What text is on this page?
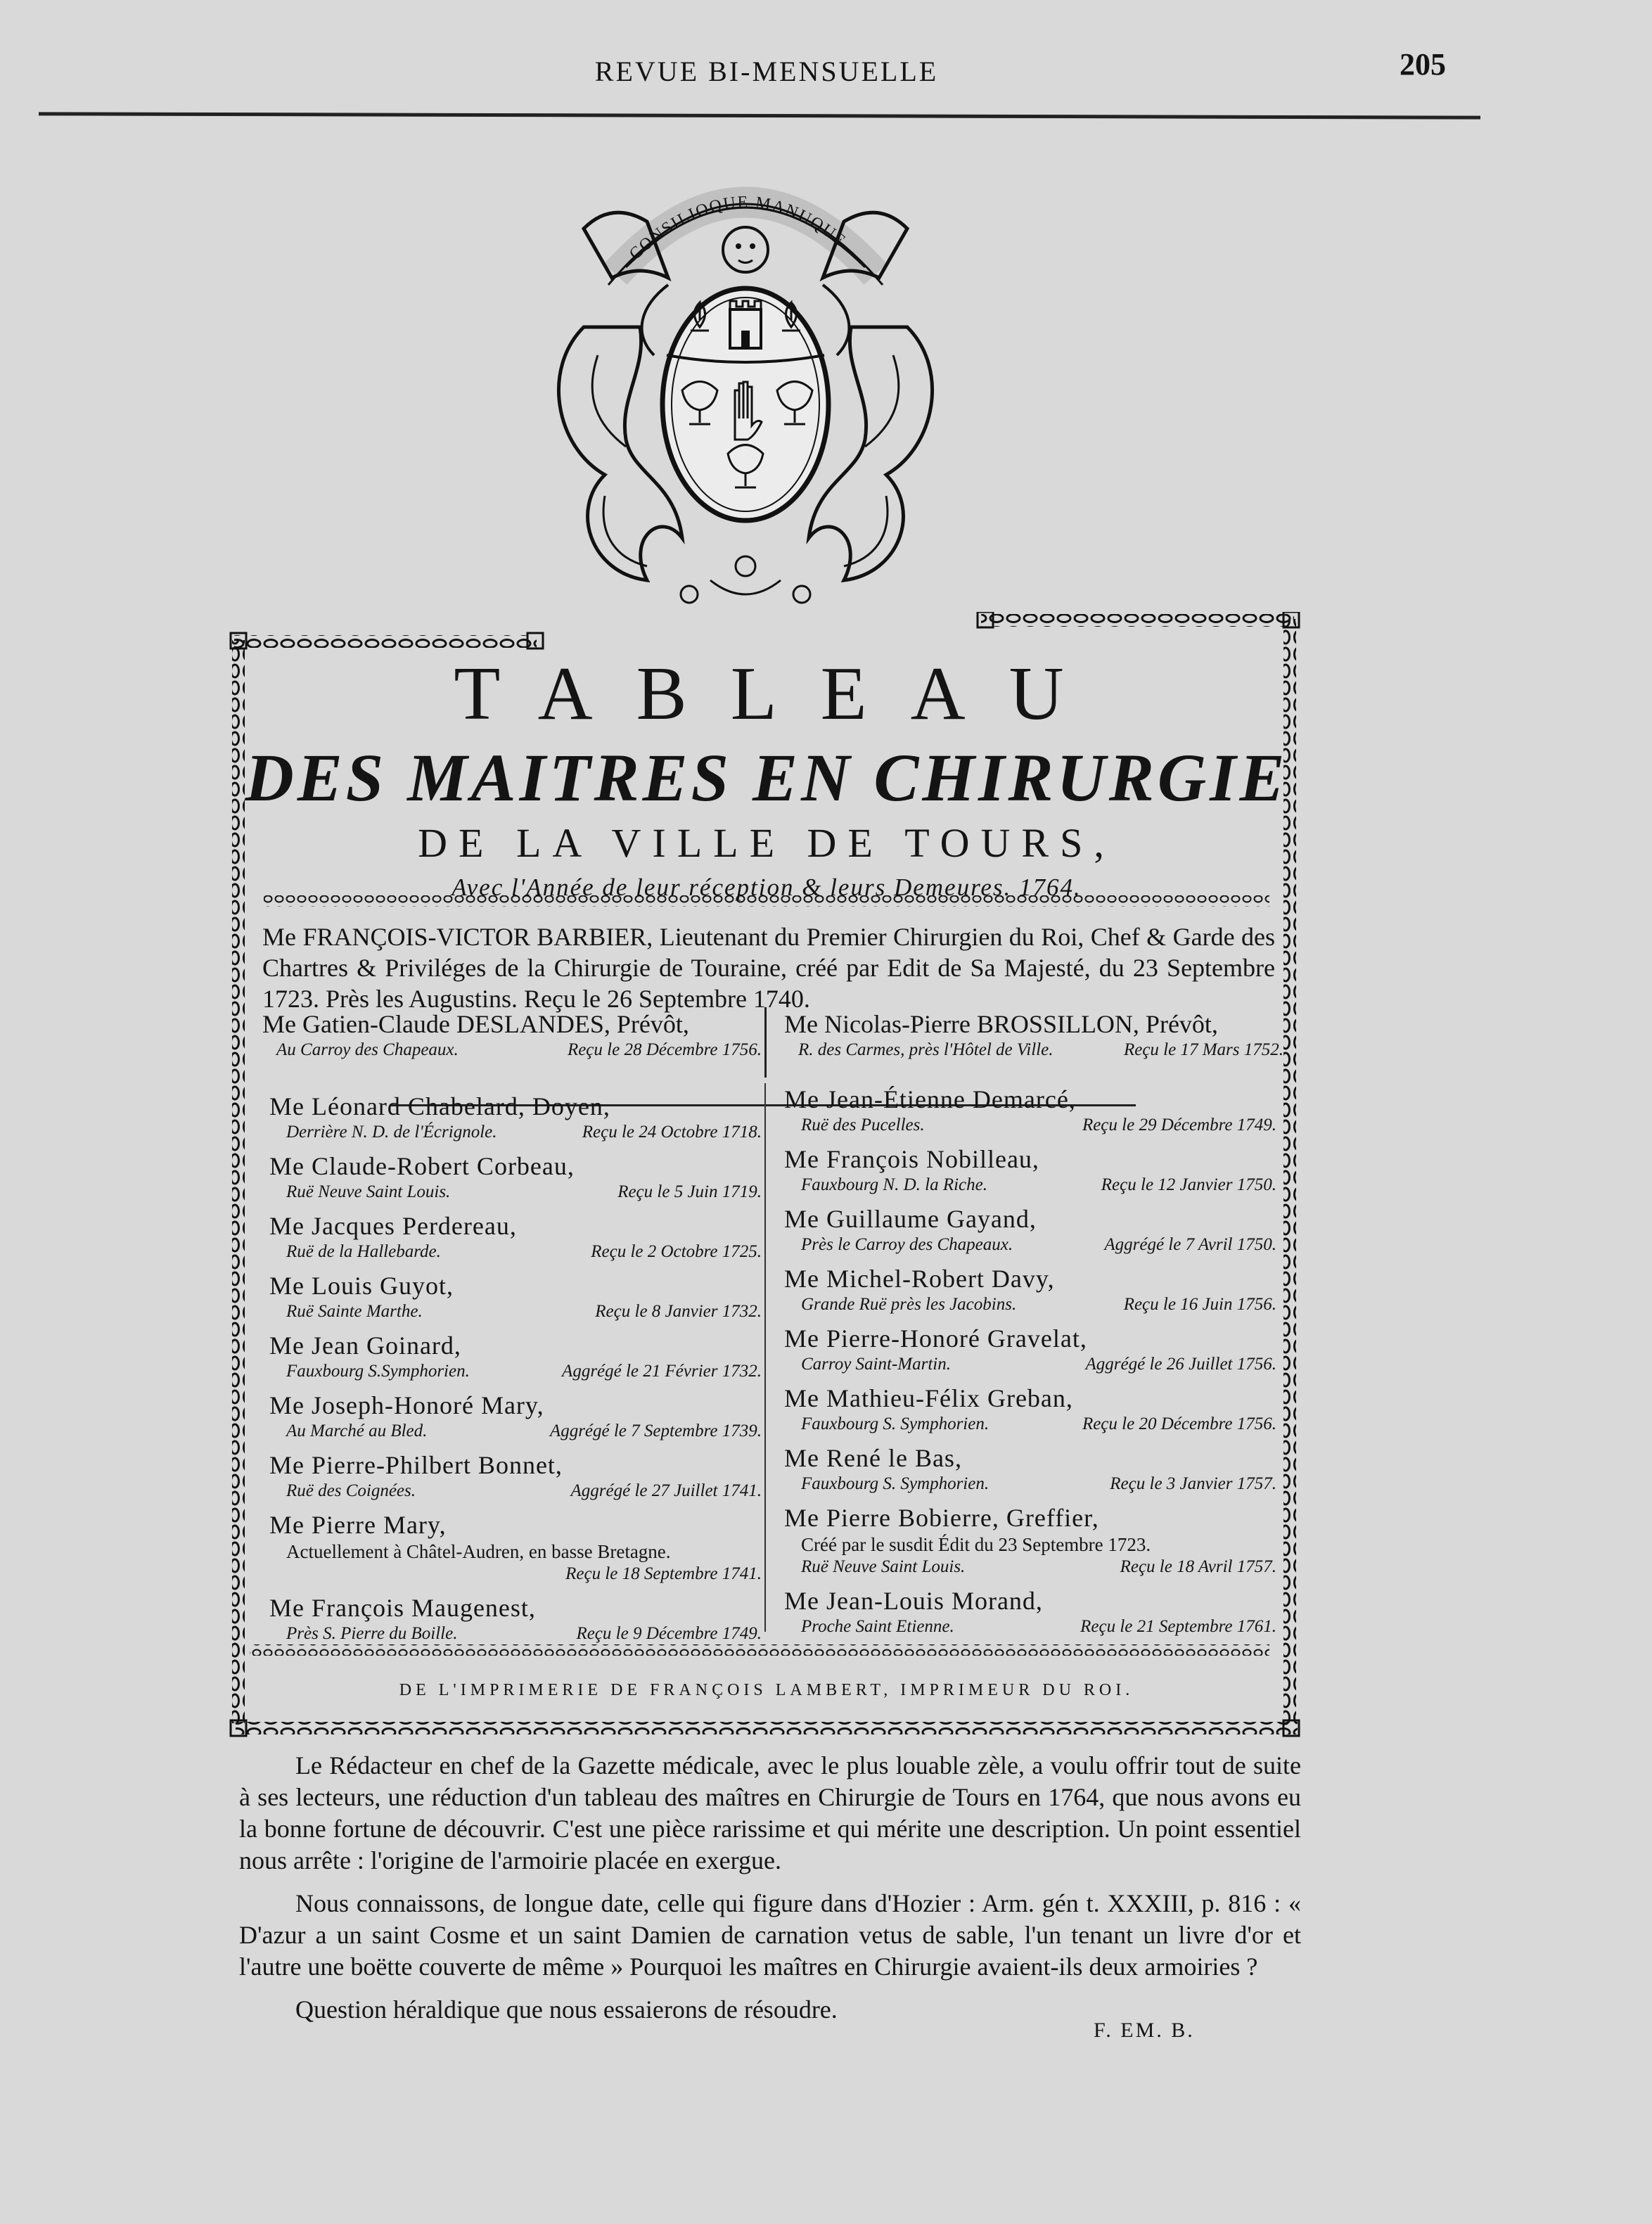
REVUE BI-MENSUELLE	205
CONSILIOQUE MANUQUE
TABLEAU
DES MAITRES EN CHIRURGIE
DE LA VILLE DE TOURS,
Avec l'Année de leur réception & leurs Demeures. 1764.
Me FRANÇOIS-VICTOR BARBIER, Lieutenant du Premier Chirurgien du Roi, Chef & Garde des Chartres & Priviléges de la Chirurgie de Touraine, créé par Edit de Sa Majesté, du 23 Septembre 1723. Près les Augustins. Reçu le 26 Septembre 1740.
Me Gatien-Claude DESLANDES, Prévôt,
Au Carroy des Chapeaux.	Reçu le 28 Décembre 1756.
Me Nicolas-Pierre BROSSILLON, Prévôt,
R. des Carmes, près l'Hôtel de Ville.	Reçu le 17 Mars 1752.
Me Léonard Chabelard, Doyen,
Derrière N. D. de l'Écrignole.	Reçu le 24 Octobre 1718.
Me Claude-Robert Corbeau,
Ruë Neuve Saint Louis.	Reçu le 5 Juin 1719.
Me Jacques Perdereau,
Ruë de la Hallebarde.	Reçu le 2 Octobre 1725.
Me Louis Guyot,
Ruë Sainte Marthe.	Reçu le 8 Janvier 1732.
Me Jean Goinard,
Fauxbourg S.Symphorien.	Aggrégé le 21 Février 1732.
Me Joseph-Honoré Mary,
Au Marché au Bled.	Aggrégé le 7 Septembre 1739.
Me Pierre-Philbert Bonnet,
Ruë des Coignées.	Aggrégé le 27 Juillet 1741.
Me Pierre Mary,
Actuellement à Châtel-Audren, en basse Bretagne.
Reçu le 18 Septembre 1741.
Me François Maugenest,
Près S. Pierre du Boille.	Reçu le 9 Décembre 1749.
Me Jean-Étienne Demarcé,
Ruë des Pucelles.	Reçu le 29 Décembre 1749.
Me François Nobilleau,
Fauxbourg N. D. la Riche.	Reçu le 12 Janvier 1750.
Me Guillaume Gayand,
Près le Carroy des Chapeaux.	Aggrégé le 7 Avril 1750.
Me Michel-Robert Davy,
Grande Ruë près les Jacobins.	Reçu le 16 Juin 1756.
Me Pierre-Honoré Gravelat,
Carroy Saint-Martin.	Aggrégé le 26 Juillet 1756.
Me Mathieu-Félix Greban,
Fauxbourg S. Symphorien.	Reçu le 20 Décembre 1756.
Me René le Bas,
Fauxbourg S. Symphorien.	Reçu le 3 Janvier 1757.
Me Pierre Bobierre, Greffier,
Créé par le susdit Édit du 23 Septembre 1723.
Ruë Neuve Saint Louis.	Reçu le 18 Avril 1757.
Me Jean-Louis Morand,
Proche Saint Etienne.	Reçu le 21 Septembre 1761.
DE L'IMPRIMERIE DE FRANÇOIS LAMBERT, IMPRIMEUR DU ROI.

Le Rédacteur en chef de la Gazette médicale, avec le plus louable zèle, a voulu offrir tout de suite à ses lecteurs, une réduction d'un tableau des maîtres en Chirurgie de Tours en 1764, que nous avons eu la bonne fortune de découvrir. C'est une pièce rarissime et qui mérite une description. Un point essentiel nous arrête : l'origine de l'armoirie placée en exergue.

Nous connaissons, de longue date, celle qui figure dans d'Hozier : Arm. gén t. XXXIII, p. 816 : « D'azur a un saint Cosme et un saint Damien de carnation vetus de sable, l'un tenant un livre d'or et l'autre une boëtte couverte de même » Pourquoi les maîtres en Chirurgie avaient-ils deux armoiries ?

Question héraldique que nous essaierons de résoudre.

F. EM. B.
